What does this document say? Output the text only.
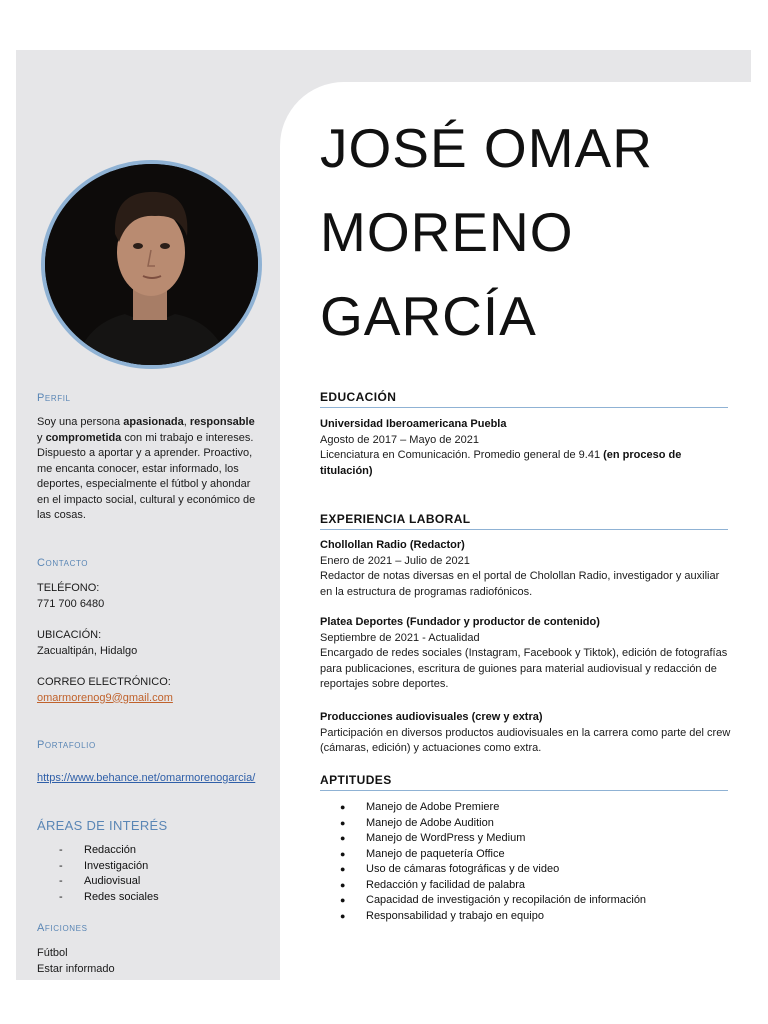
Perfil
Soy una persona apasionada, responsable y comprometida con mi trabajo e intereses. Dispuesto a aportar y a aprender. Proactivo, me encanta conocer, estar informado, los deportes, especialmente el fútbol y ahondar en el impacto social, cultural y económico de las cosas.
Contacto
TELÉFONO:
771 700 6480
UBICACIÓN:
Zacualtipán, Hidalgo
CORREO ELECTRÓNICO:
omarmorenog9@gmail.com
Portafolio
https://www.behance.net/omarmorenogarcia/
ÁREAS DE INTERÉS
-	Redacción
-	Investigación
-	Audiovisual
-	Redes sociales
Aficiones
Fútbol
Estar informado
JOSÉ OMAR
MORENO
GARCÍA
EDUCACIÓN
Universidad Iberoamericana Puebla
Agosto de 2017 – Mayo de 2021
Licenciatura en Comunicación. Promedio general de 9.41 (en proceso de titulación)
EXPERIENCIA LABORAL
Chollollan Radio (Redactor)
Enero de 2021 – Julio de 2021
Redactor de notas diversas en el portal de Cholollan Radio, investigador y auxiliar en la estructura de programas radiofónicos.
Platea Deportes (Fundador y productor de contenido)
Septiembre de 2021 - Actualidad
Encargado de redes sociales (Instagram, Facebook y Tiktok), edición de fotografías para publicaciones, escritura de guiones para material audiovisual y redacción de reportajes sobre deportes.
Producciones audiovisuales (crew y extra)
Participación en diversos productos audiovisuales en la carrera como parte del crew (cámaras, edición) y actuaciones como extra.
APTITUDES
●	Manejo de Adobe Premiere
●	Manejo de Adobe Audition
●	Manejo de WordPress y Medium
●	Manejo de paquetería Office
●	Uso de cámaras fotográficas y de video
●	Redacción y facilidad de palabra
●	Capacidad de investigación y recopilación de información
●	Responsabilidad y trabajo en equipo
